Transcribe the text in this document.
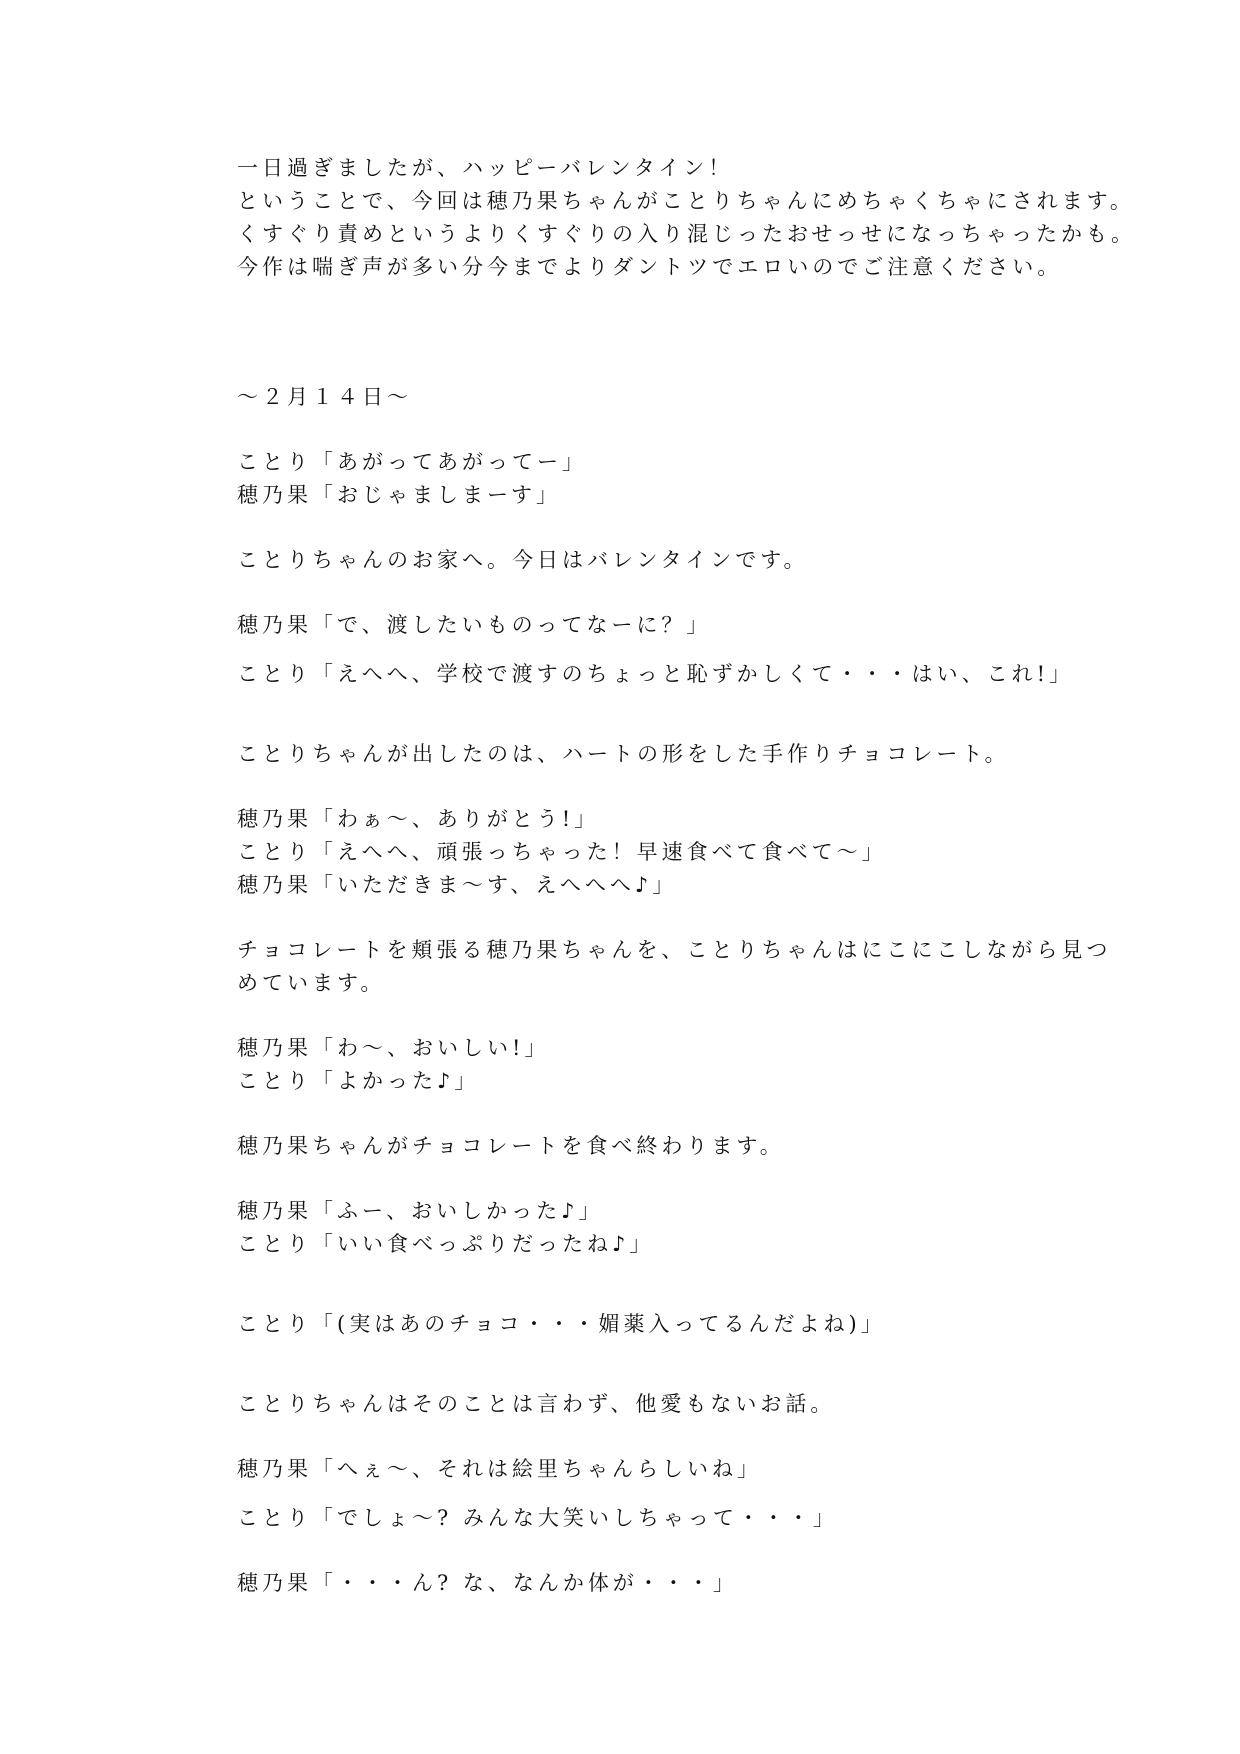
一日過ぎましたが、ハッピーバレンタイン！
ということで、今回は穂乃果ちゃんがことりちゃんにめちゃくちゃにされます。
くすぐり責めというよりくすぐりの入り混じったおせっせになっちゃったかも。
今作は喘ぎ声が多い分今までよりダントツでエロいのでご注意ください。
～２月１４日～
ことり「あがってあがってー」
穂乃果「おじゃましまーす」
ことりちゃんのお家へ。今日はバレンタインです。
穂乃果「で、渡したいものってなーに？」
ことり「えへへ、学校で渡すのちょっと恥ずかしくて・・・はい、これ!」
ことりちゃんが出したのは、ハートの形をした手作りチョコレート。
穂乃果「わぁ～、ありがとう!」
ことり「えへへ、頑張っちゃった！早速食べて食べて～」
穂乃果「いただきま～す、えへへへ♪」
チョコレートを頬張る穂乃果ちゃんを、ことりちゃんはにこにこしながら見つ
めています。
穂乃果「わ～、おいしい!」
ことり「よかった♪」
穂乃果ちゃんがチョコレートを食べ終わります。
穂乃果「ふー、おいしかった♪」
ことり「いい食べっぷりだったね♪」
ことり「(実はあのチョコ・・・媚薬入ってるんだよね)」
ことりちゃんはそのことは言わず、他愛もないお話。
穂乃果「へぇ～、それは絵里ちゃんらしいね」
ことり「でしょ～? みんな大笑いしちゃって・・・」
穂乃果「・・・ん? な、なんか体が・・・」
